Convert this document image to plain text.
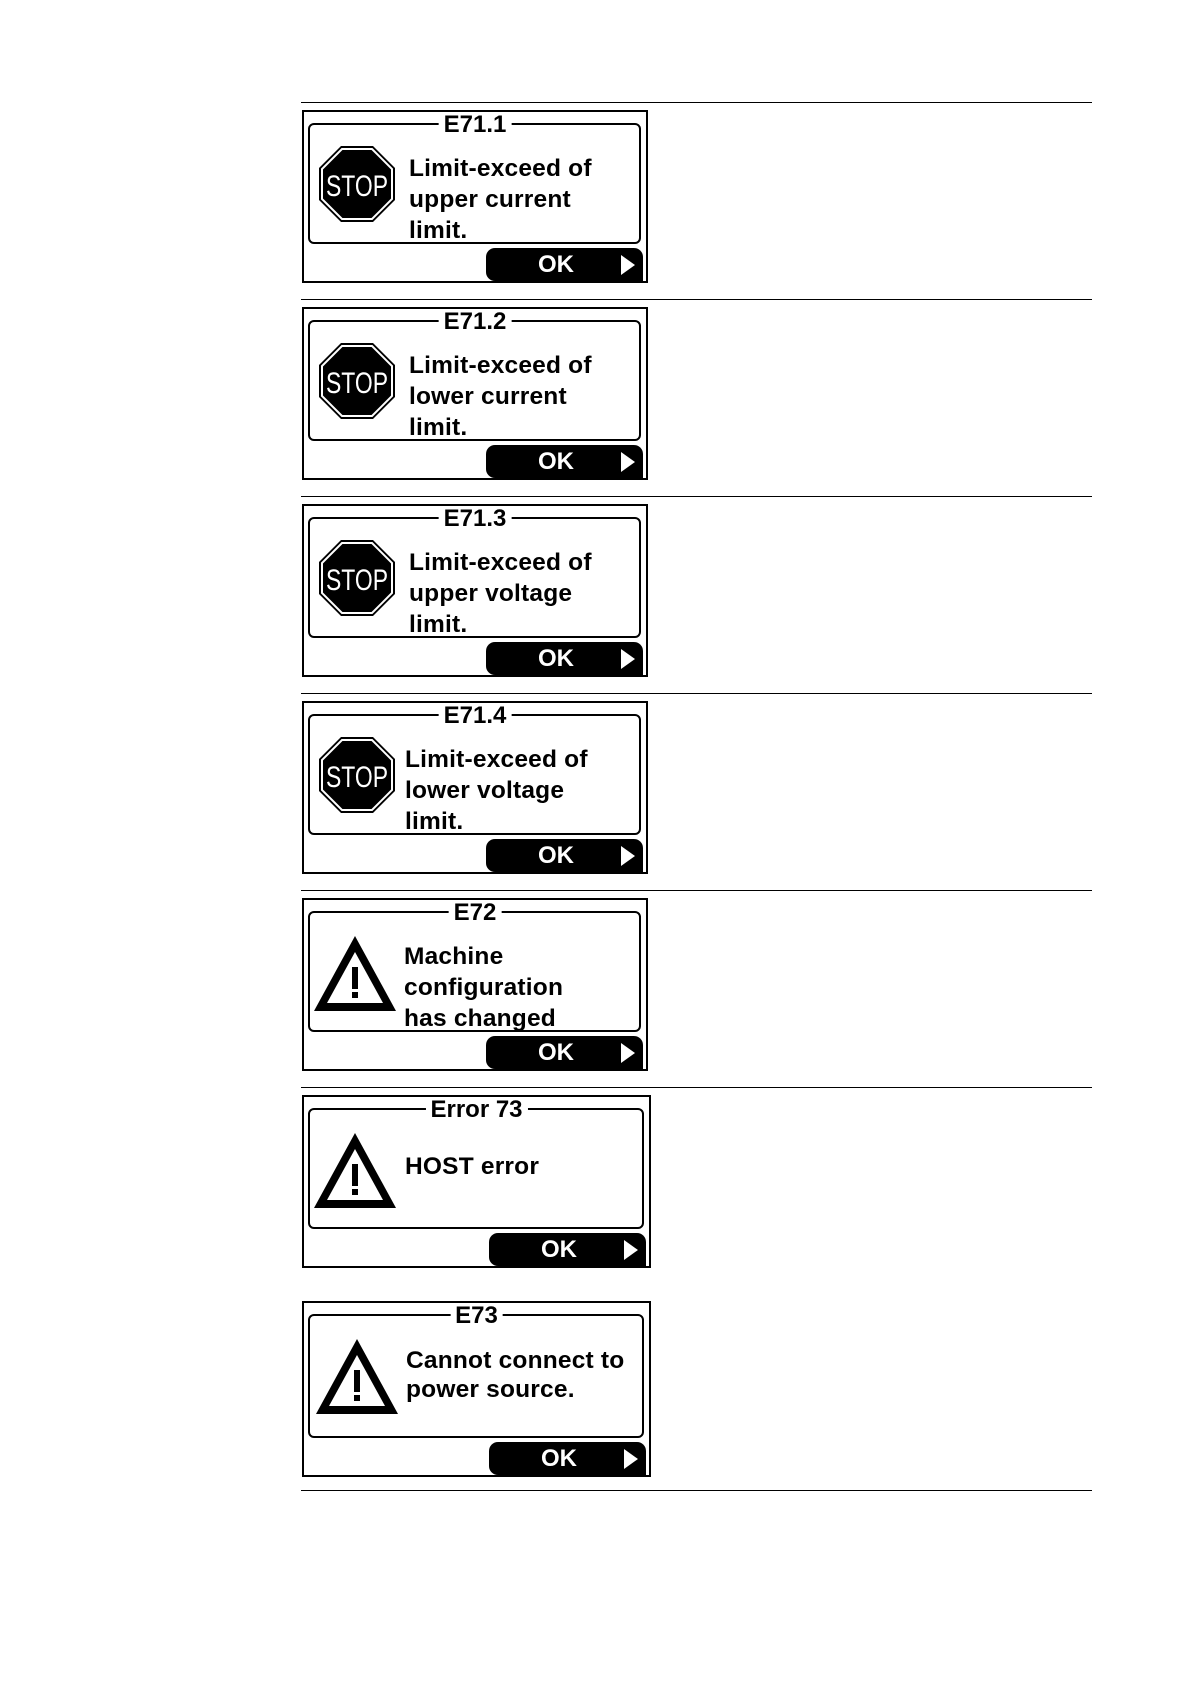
STOP
Limit-exceed of
upper current
limit.
E71.1
OK
STOP
Limit-exceed of
lower current
limit.
E71.2
OK
STOP
Limit-exceed of
upper voltage
limit.
E71.3
OK
STOP
Limit-exceed of
lower voltage
limit.
E71.4
OK
Machine
configuration
has changed
E72
OK
HOST error
Error 73
OK
Cannot connect to
power source.
E73
OK
